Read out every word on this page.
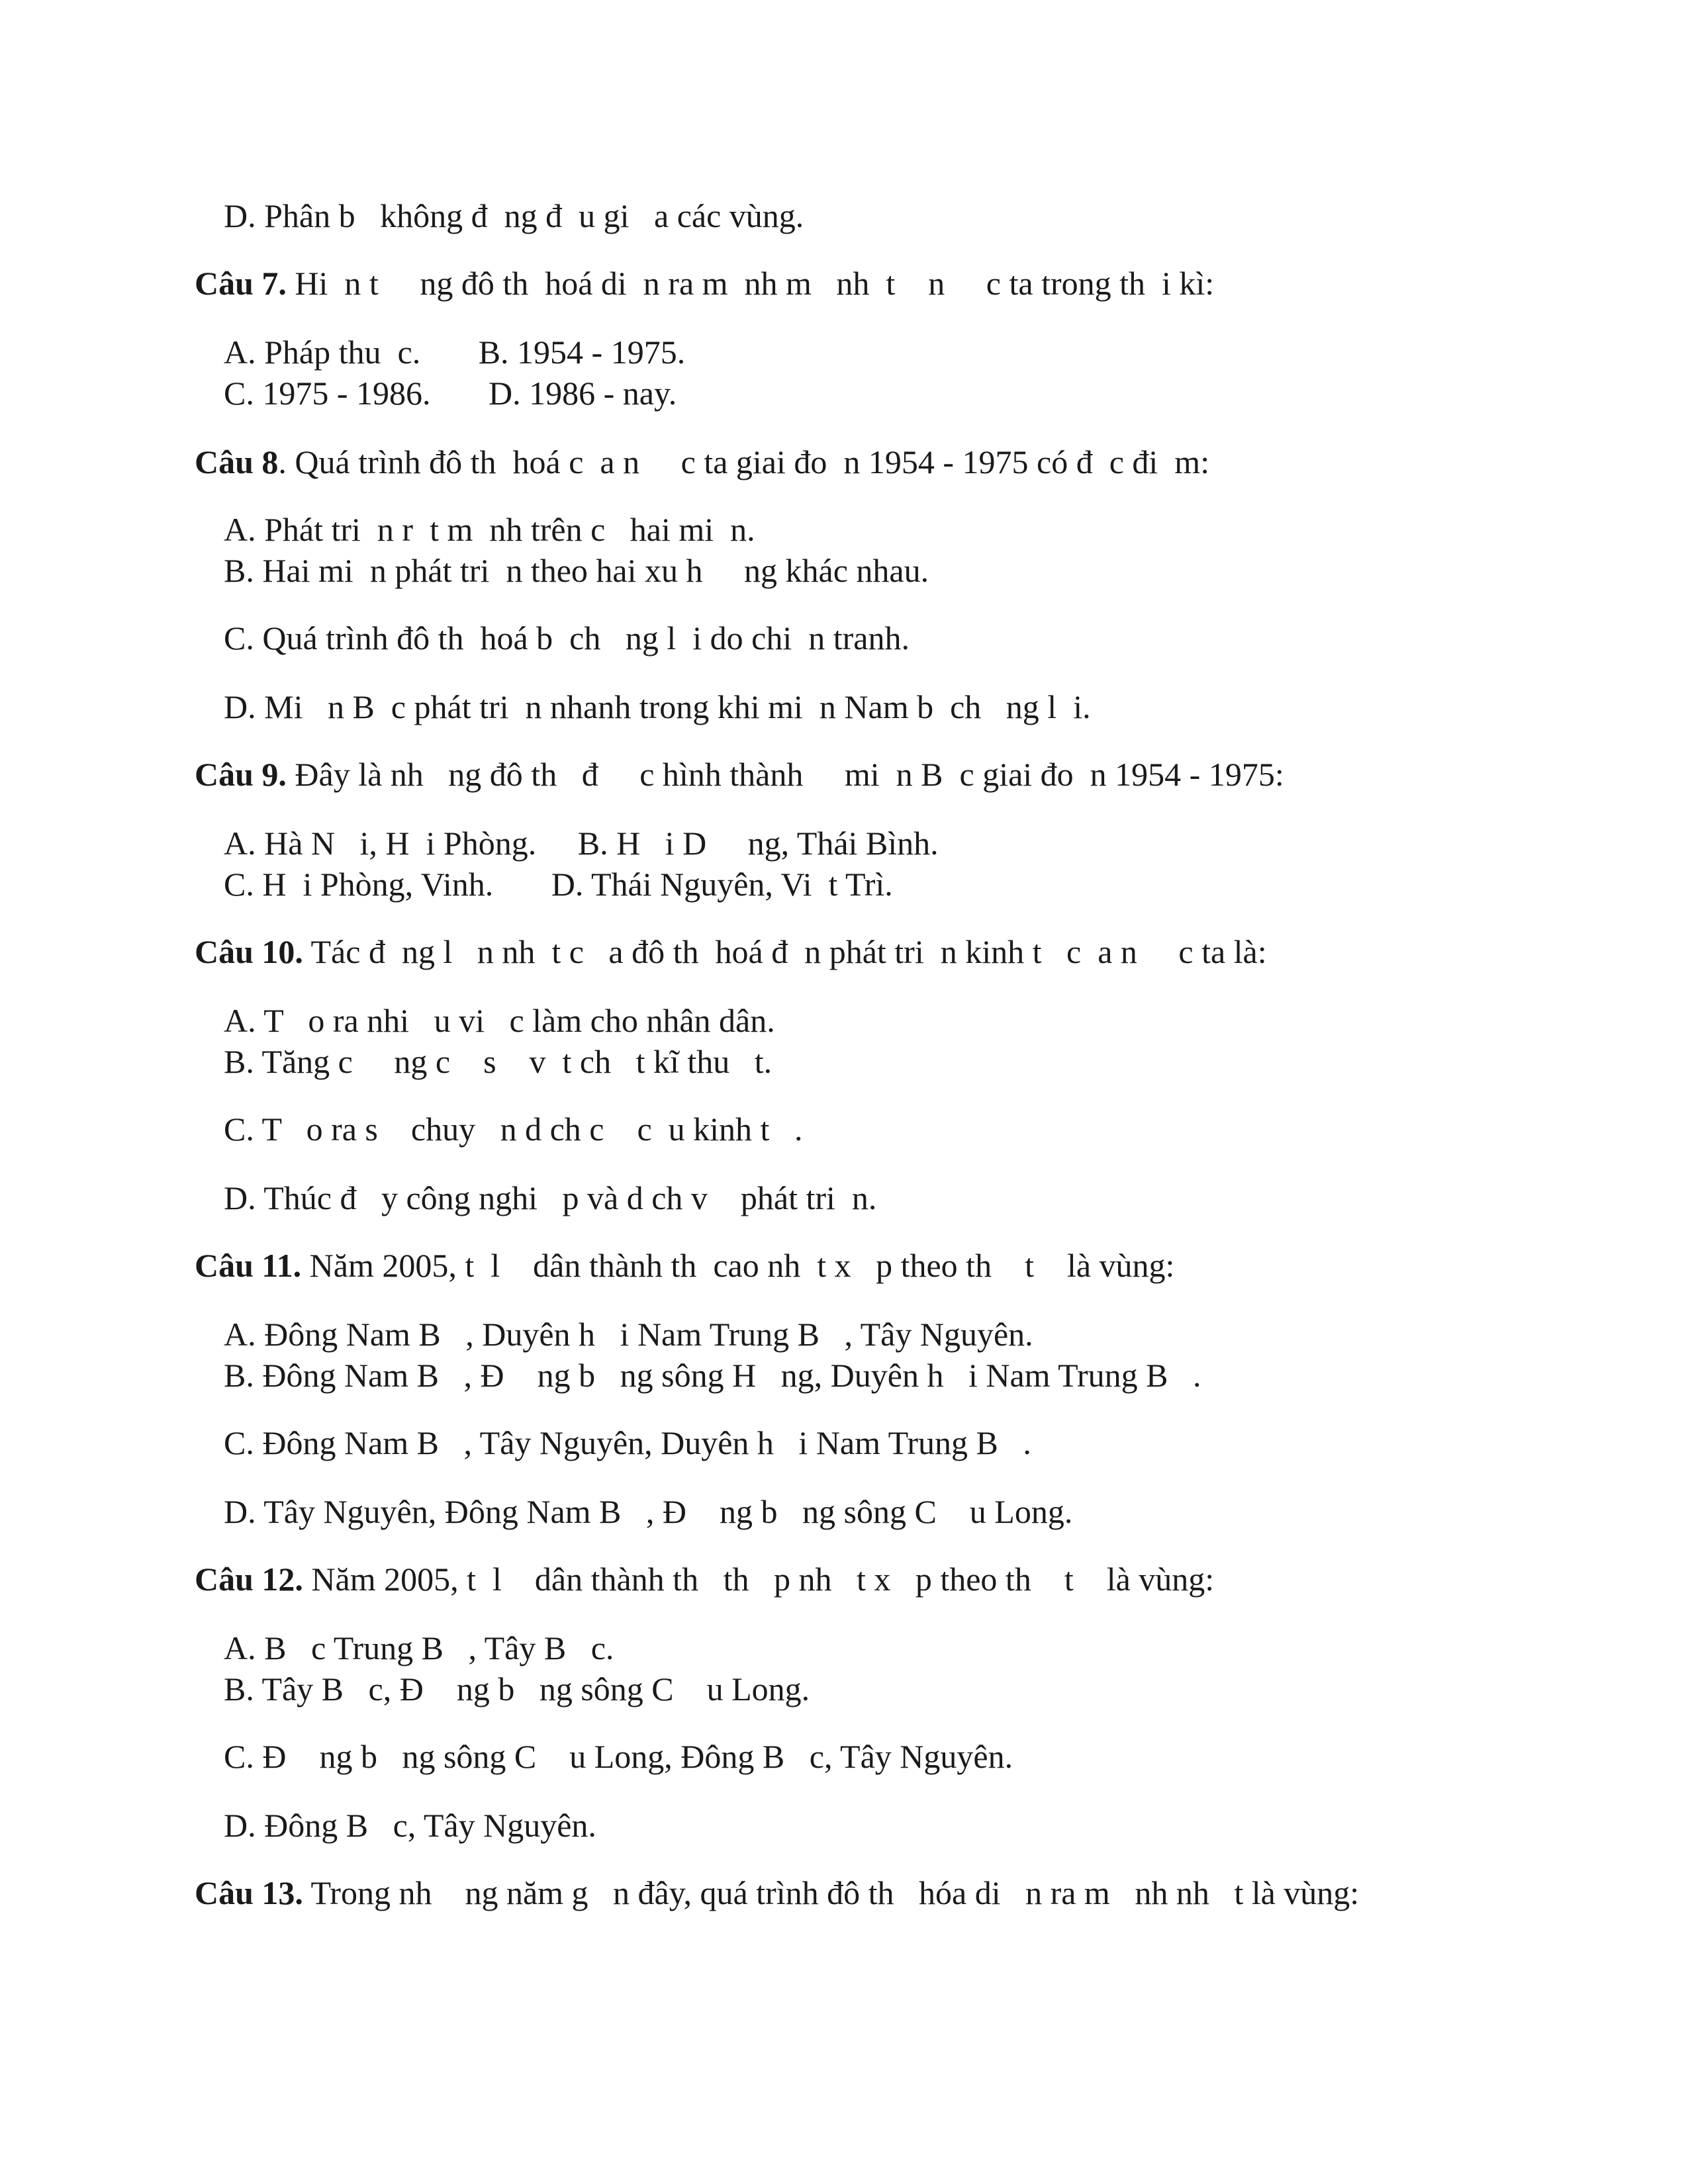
D. Phân b   không đ  ng đ  u gi   a các vùng.

Câu 7. Hi  n t     ng đô th  hoá di  n ra m  nh m   nh  t    n     c ta trong th  i kì:

A. Pháp thu  c.       B. 1954 - 1975.

C. 1975 - 1986.       D. 1986 - nay.

Câu 8. Quá trình đô th  hoá c  a n     c ta giai đo  n 1954 - 1975 có đ  c đi  m:

A. Phát tri  n r  t m  nh trên c   hai mi  n.

B. Hai mi  n phát tri  n theo hai xu h     ng khác nhau.

C. Quá trình đô th  hoá b  ch   ng l  i do chi  n tranh.

D. Mi   n B  c phát tri  n nhanh trong khi mi  n Nam b  ch   ng l  i.

Câu 9. Đây là nh   ng đô th   đ     c hình thành     mi  n B  c giai đo  n 1954 - 1975:

A. Hà N   i, H  i Phòng.     B. H   i D     ng, Thái Bình.

C. H  i Phòng, Vinh.       D. Thái Nguyên, Vi  t Trì.

Câu 10. Tác đ  ng l   n nh  t c   a đô th  hoá đ  n phát tri  n kinh t   c  a n     c ta là:

A. T   o ra nhi   u vi   c làm cho nhân dân.

B. Tăng c     ng c    s    v  t ch   t kĩ thu   t.

C. T   o ra s    chuy   n d ch c    c  u kinh t   .

D. Thúc đ   y công nghi   p và d ch v    phát tri  n.

Câu 11. Năm 2005, t  l    dân thành th  cao nh  t x   p theo th    t    là vùng:

A. Đông Nam B   , Duyên h   i Nam Trung B   , Tây Nguyên.

B. Đông Nam B   , Đ    ng b   ng sông H   ng, Duyên h   i Nam Trung B   .

C. Đông Nam B   , Tây Nguyên, Duyên h   i Nam Trung B   .

D. Tây Nguyên, Đông Nam B   , Đ    ng b   ng sông C    u Long.

Câu 12. Năm 2005, t  l    dân thành th   th   p nh   t x   p theo th    t    là vùng:

A. B   c Trung B   , Tây B   c.

B. Tây B   c, Đ    ng b   ng sông C    u Long.

C. Đ    ng b   ng sông C    u Long, Đông B   c, Tây Nguyên.

D. Đông B   c, Tây Nguyên.

Câu 13. Trong nh    ng năm g   n đây, quá trình đô th   hóa di   n ra m   nh nh   t là vùng:
